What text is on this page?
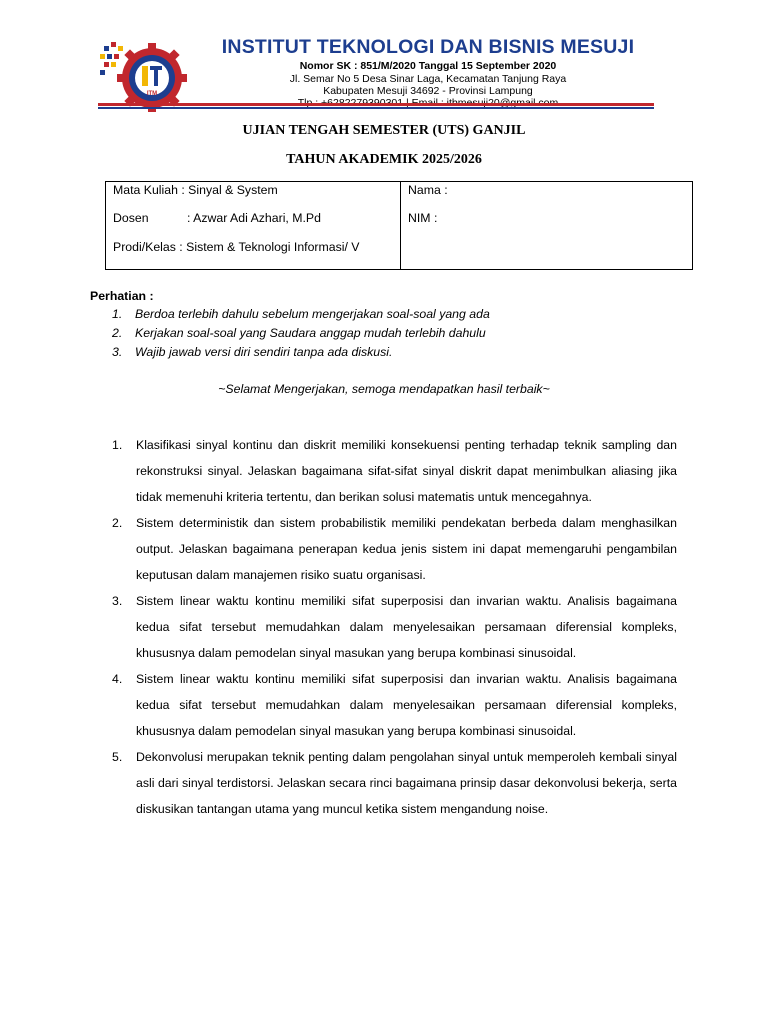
ITM
INSTITUT TEKNOLOGI DAN BISNIS MESUJI
Nomor SK : 851/M/2020 Tanggal 15 September 2020
Jl. Semar No 5 Desa Sinar Laga, Kecamatan Tanjung Raya
Kabupaten Mesuji 34692 - Provinsi Lampung
UJIAN TENGAH SEMESTER (UTS) GANJIL
TAHUN AKADEMIK 2025/2026
Mata Kuliah : Sinyal & System
Dosen	: Azwar Adi Azhari, M.Pd
Prodi/Kelas : Sistem & Teknologi Informasi/ V
Nama :
NIM :
Perhatian :
1. Berdoa terlebih dahulu sebelum mengerjakan soal-soal yang ada
2. Kerjakan soal-soal yang Saudara anggap mudah terlebih dahulu
3. Wajib jawab versi diri sendiri tanpa ada diskusi.
~Selamat Mengerjakan, semoga mendapatkan hasil terbaik~
1. Klasifikasi sinyal kontinu dan diskrit memiliki konsekuensi penting terhadap teknik sampling dan rekonstruksi sinyal. Jelaskan bagaimana sifat-sifat sinyal diskrit dapat menimbulkan aliasing jika tidak memenuhi kriteria tertentu, dan berikan solusi matematis untuk mencegahnya.
2. Sistem deterministik dan sistem probabilistik memiliki pendekatan berbeda dalam menghasilkan output. Jelaskan bagaimana penerapan kedua jenis sistem ini dapat memengaruhi pengambilan keputusan dalam manajemen risiko suatu organisasi.
3. Sistem linear waktu kontinu memiliki sifat superposisi dan invarian waktu. Analisis bagaimana kedua sifat tersebut memudahkan dalam menyelesaikan persamaan diferensial kompleks, khususnya dalam pemodelan sinyal masukan yang berupa kombinasi sinusoidal.
4. Sistem linear waktu kontinu memiliki sifat superposisi dan invarian waktu. Analisis bagaimana kedua sifat tersebut memudahkan dalam menyelesaikan persamaan diferensial kompleks, khususnya dalam pemodelan sinyal masukan yang berupa kombinasi sinusoidal.
5. Dekonvolusi merupakan teknik penting dalam pengolahan sinyal untuk memperoleh kembali sinyal asli dari sinyal terdistorsi. Jelaskan secara rinci bagaimana prinsip dasar dekonvolusi bekerja, serta diskusikan tantangan utama yang muncul ketika sistem mengandung noise.
